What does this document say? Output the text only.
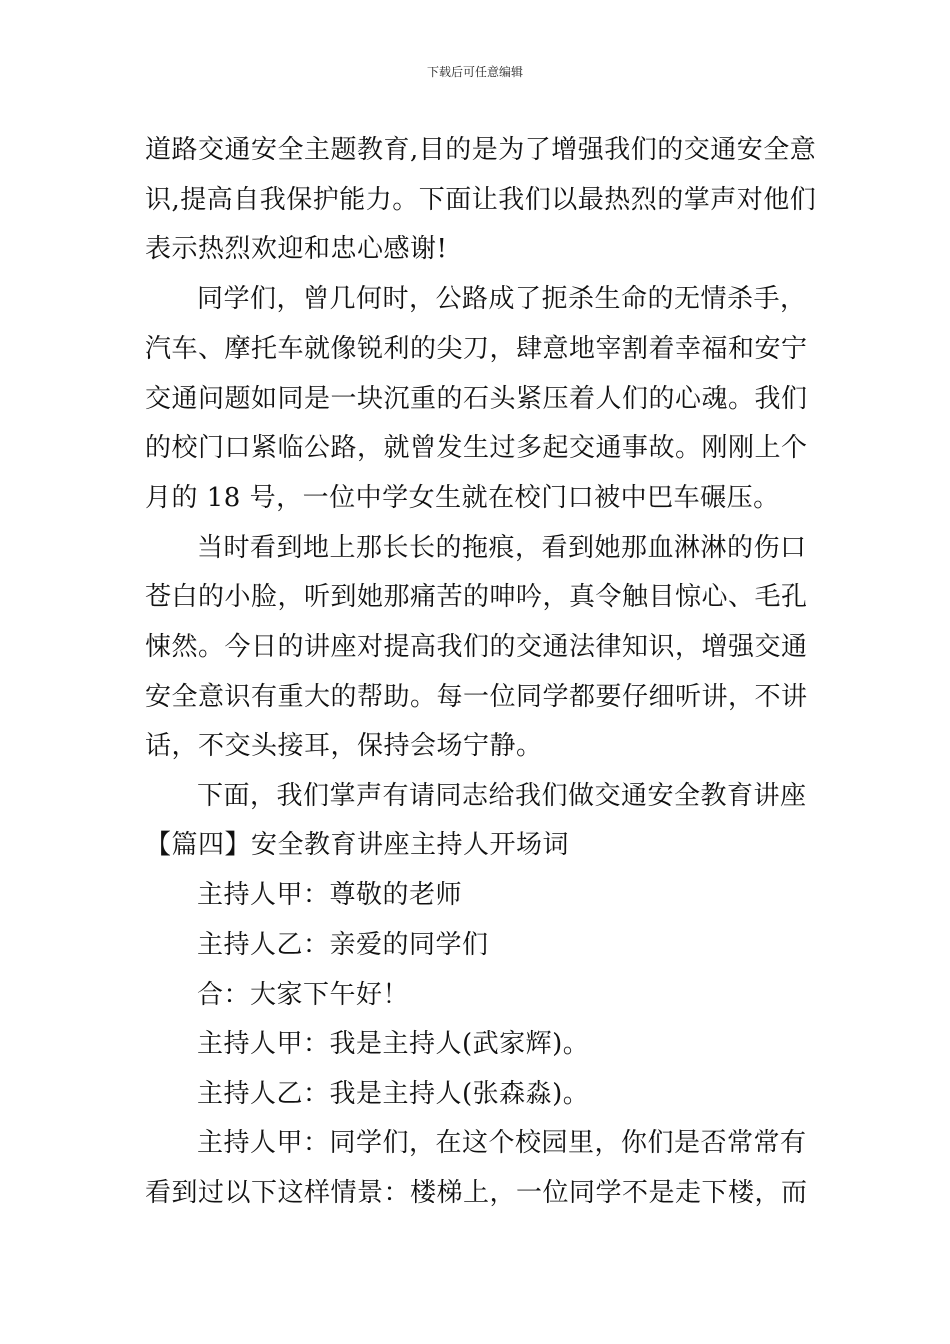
下载后可任意编辑
道路交通安全主题教育,目的是为了增强我们的交通安全意
识,提高自我保护能力。下面让我们以最热烈的掌声对他们
表示热烈欢迎和忠心感谢!
同学们，曾几何时，公路成了扼杀生命的无情杀手，
汽车、摩托车就像锐利的尖刀，肆意地宰割着幸福和安宁
交通问题如同是一块沉重的石头紧压着人们的心魂。我们
的校门口紧临公路，就曾发生过多起交通事故。刚刚上个
月的 18 号，一位中学女生就在校门口被中巴车碾压。
当时看到地上那长长的拖痕，看到她那血淋淋的伤口
苍白的小脸，听到她那痛苦的呻吟，真令触目惊心、毛孔
悚然。今日的讲座对提高我们的交通法律知识，增强交通
安全意识有重大的帮助。每一位同学都要仔细听讲，不讲
话，不交头接耳，保持会场宁静。
下面，我们掌声有请同志给我们做交通安全教育讲座
【篇四】安全教育讲座主持人开场词
主持人甲：尊敬的老师
主持人乙：亲爱的同学们
合：大家下午好！
主持人甲：我是主持人(武家辉)。
主持人乙：我是主持人(张森淼)。
主持人甲：同学们，在这个校园里，你们是否常常有
看到过以下这样情景：楼梯上，一位同学不是走下楼，而
